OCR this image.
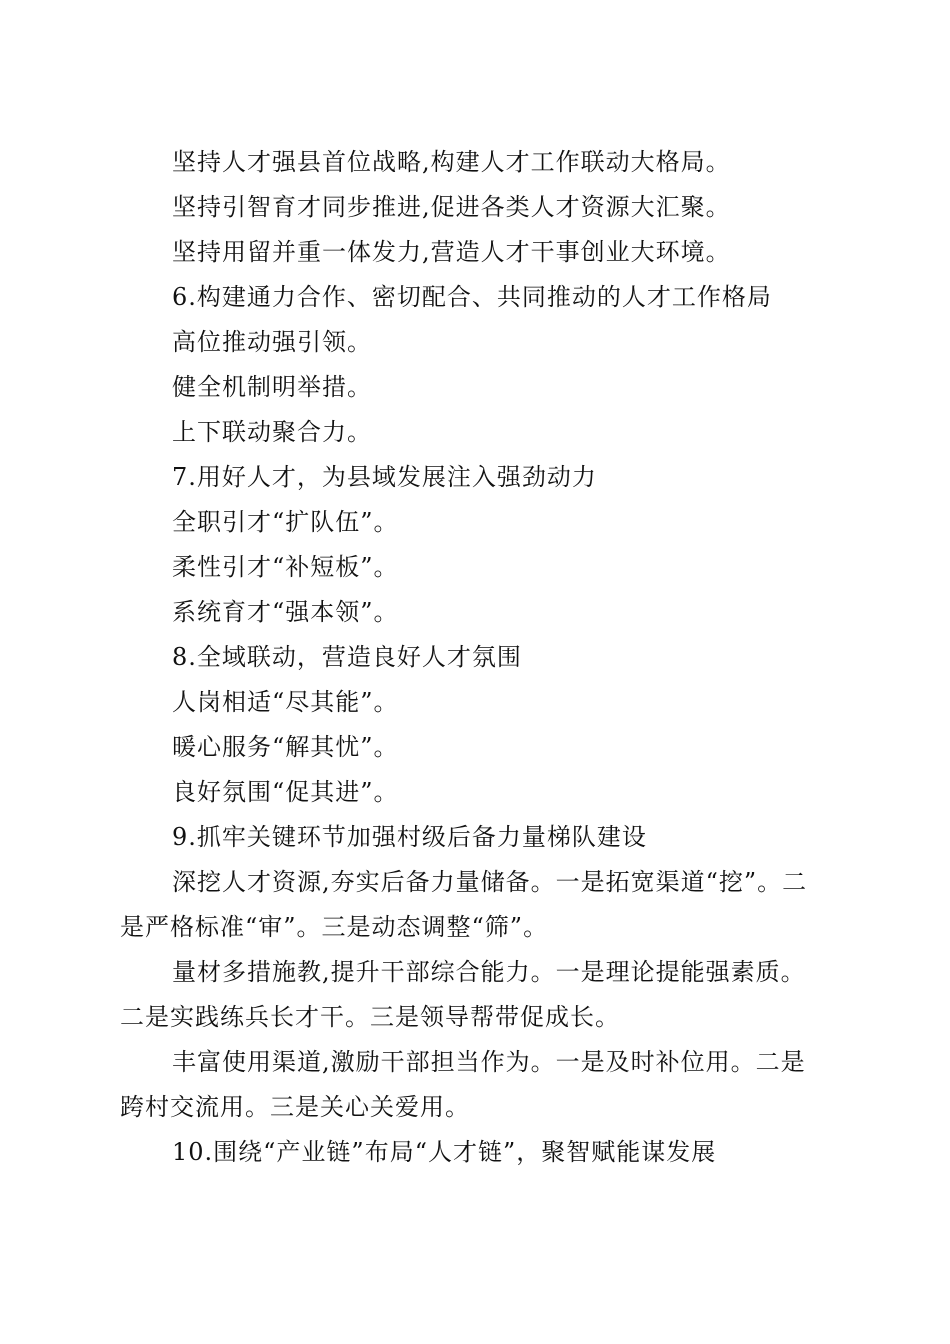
坚持人才强县首位战略,构建人才工作联动大格局。
坚持引智育才同步推进,促进各类人才资源大汇聚。
坚持用留并重一体发力,营造人才干事创业大环境。
6.构建通力合作、密切配合、共同推动的人才工作格局
高位推动强引领。
健全机制明举措。
上下联动聚合力。
7.用好人才，为县域发展注入强劲动力
全职引才“扩队伍”。
柔性引才“补短板”。
系统育才“强本领”。
8.全域联动，营造良好人才氛围
人岗相适“尽其能”。
暖心服务“解其忧”。
良好氛围“促其进”。
9.抓牢关键环节加强村级后备力量梯队建设

深挖人才资源,夯实后备力量储备。一是拓宽渠道“挖”。二是严格标准“审”。三是动态调整“筛”。

量材多措施教,提升干部综合能力。一是理论提能强素质。二是实践练兵长才干。三是领导帮带促成长。

丰富使用渠道,激励干部担当作为。一是及时补位用。二是跨村交流用。三是关心关爱用。

10.围绕“产业链”布局“人才链”，聚智赋能谋发展
